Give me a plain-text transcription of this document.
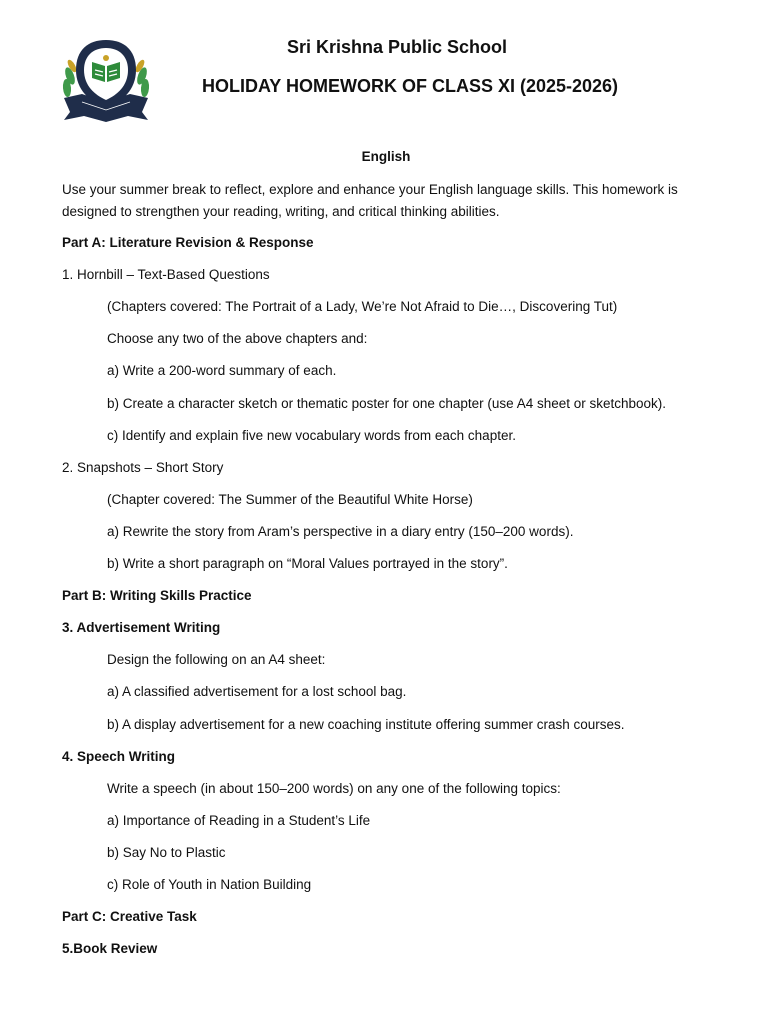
Sri Krishna Public School
HOLIDAY HOMEWORK OF CLASS XI (2025-2026)
English
Use your summer break to reflect, explore and enhance your English language skills. This homework is designed to strengthen your reading, writing, and critical thinking abilities.
Part A: Literature Revision & Response
1. Hornbill – Text-Based Questions
(Chapters covered: The Portrait of a Lady, We’re Not Afraid to Die…, Discovering Tut)
Choose any two of the above chapters and:
a) Write a 200-word summary of each.
b) Create a character sketch or thematic poster for one chapter (use A4 sheet or sketchbook).
c) Identify and explain five new vocabulary words from each chapter.
2. Snapshots – Short Story
(Chapter covered: The Summer of the Beautiful White Horse)
a) Rewrite the story from Aram’s perspective in a diary entry (150–200 words).
b) Write a short paragraph on “Moral Values portrayed in the story”.
Part B: Writing Skills Practice
3. Advertisement Writing
Design the following on an A4 sheet:
a) A classified advertisement for a lost school bag.
b) A display advertisement for a new coaching institute offering summer crash courses.
4. Speech Writing
Write a speech (in about 150–200 words) on any one of the following topics:
a) Importance of Reading in a Student’s Life
b) Say No to Plastic
c) Role of Youth in Nation Building
Part C: Creative Task
5.Book Review
